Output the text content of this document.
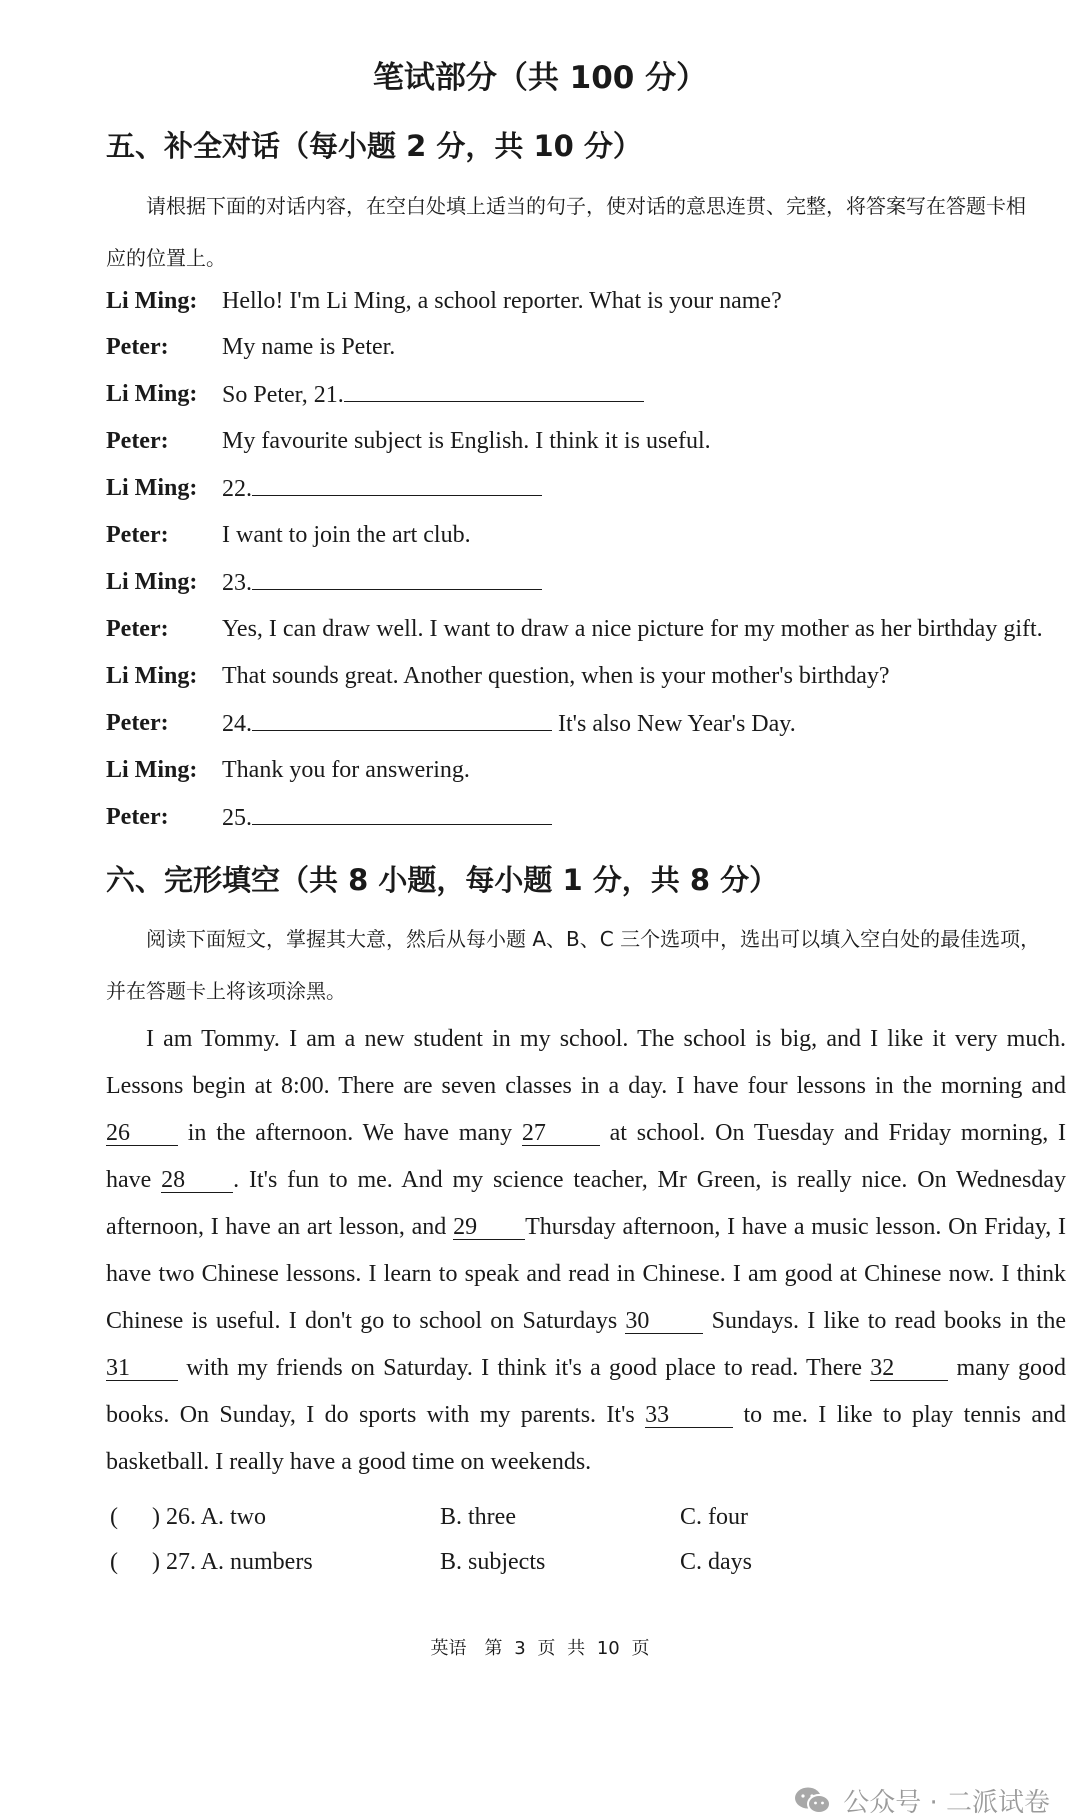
笔试部分（共 100 分）
五、补全对话（每小题 2 分，共 10 分）
请根据下面的对话内容，在空白处填上适当的句子，使对话的意思连贯、完整，将答案写在答题卡相
应的位置上。
Li Ming: Hello! I'm Li Ming, a school reporter. What is your name?
Peter: My name is Peter.
Li Ming: So Peter, 21.
Peter: My favourite subject is English. I think it is useful.
Li Ming: 22.
Peter: I want to join the art club.
Li Ming: 23.
Peter: Yes, I can draw well. I want to draw a nice picture for my mother as her birthday gift.
Li Ming: That sounds great. Another question, when is your mother's birthday?
Peter: 24.	It's also New Year's Day.
Li Ming: Thank you for answering.
Peter: 25.
六、完形填空（共 8 小题，每小题 1 分，共 8 分）
阅读下面短文，掌握其大意，然后从每小题 A、B、C 三个选项中，选出可以填入空白处的最佳选项，
并在答题卡上将该项涂黑。
I am Tommy. I am a new student in my school. The school is big, and I like it very much.
Lessons begin at 8:00. There are seven classes in a day. I have four lessons in the morning and
26 in the afternoon. We have many 27	at school. On Tuesday and Friday morning, I
have 28 . It's fun to me. And my science teacher, Mr Green, is really nice. On Wednesday
afternoon, I have an art lesson, and 29 Thursday afternoon, I have a music lesson. On Friday, I
have two Chinese lessons. I learn to speak and read in Chinese. I am good at Chinese now. I think
Chinese is useful. I don't go to school on Saturdays 30	Sundays. I like to read books in the
31 with my friends on Saturday. I think it's a good place to read. There 32	many good
books. On Sunday, I do sports with my parents. It's 33	to me. I like to play tennis and
basketball. I really have a good time on weekends.
( ) 26. A. two	B. three	C. four
( ) 27. A. numbers	B. subjects	C. days
英语　第 3 页 共 10 页
公众号 · 二派试卷
